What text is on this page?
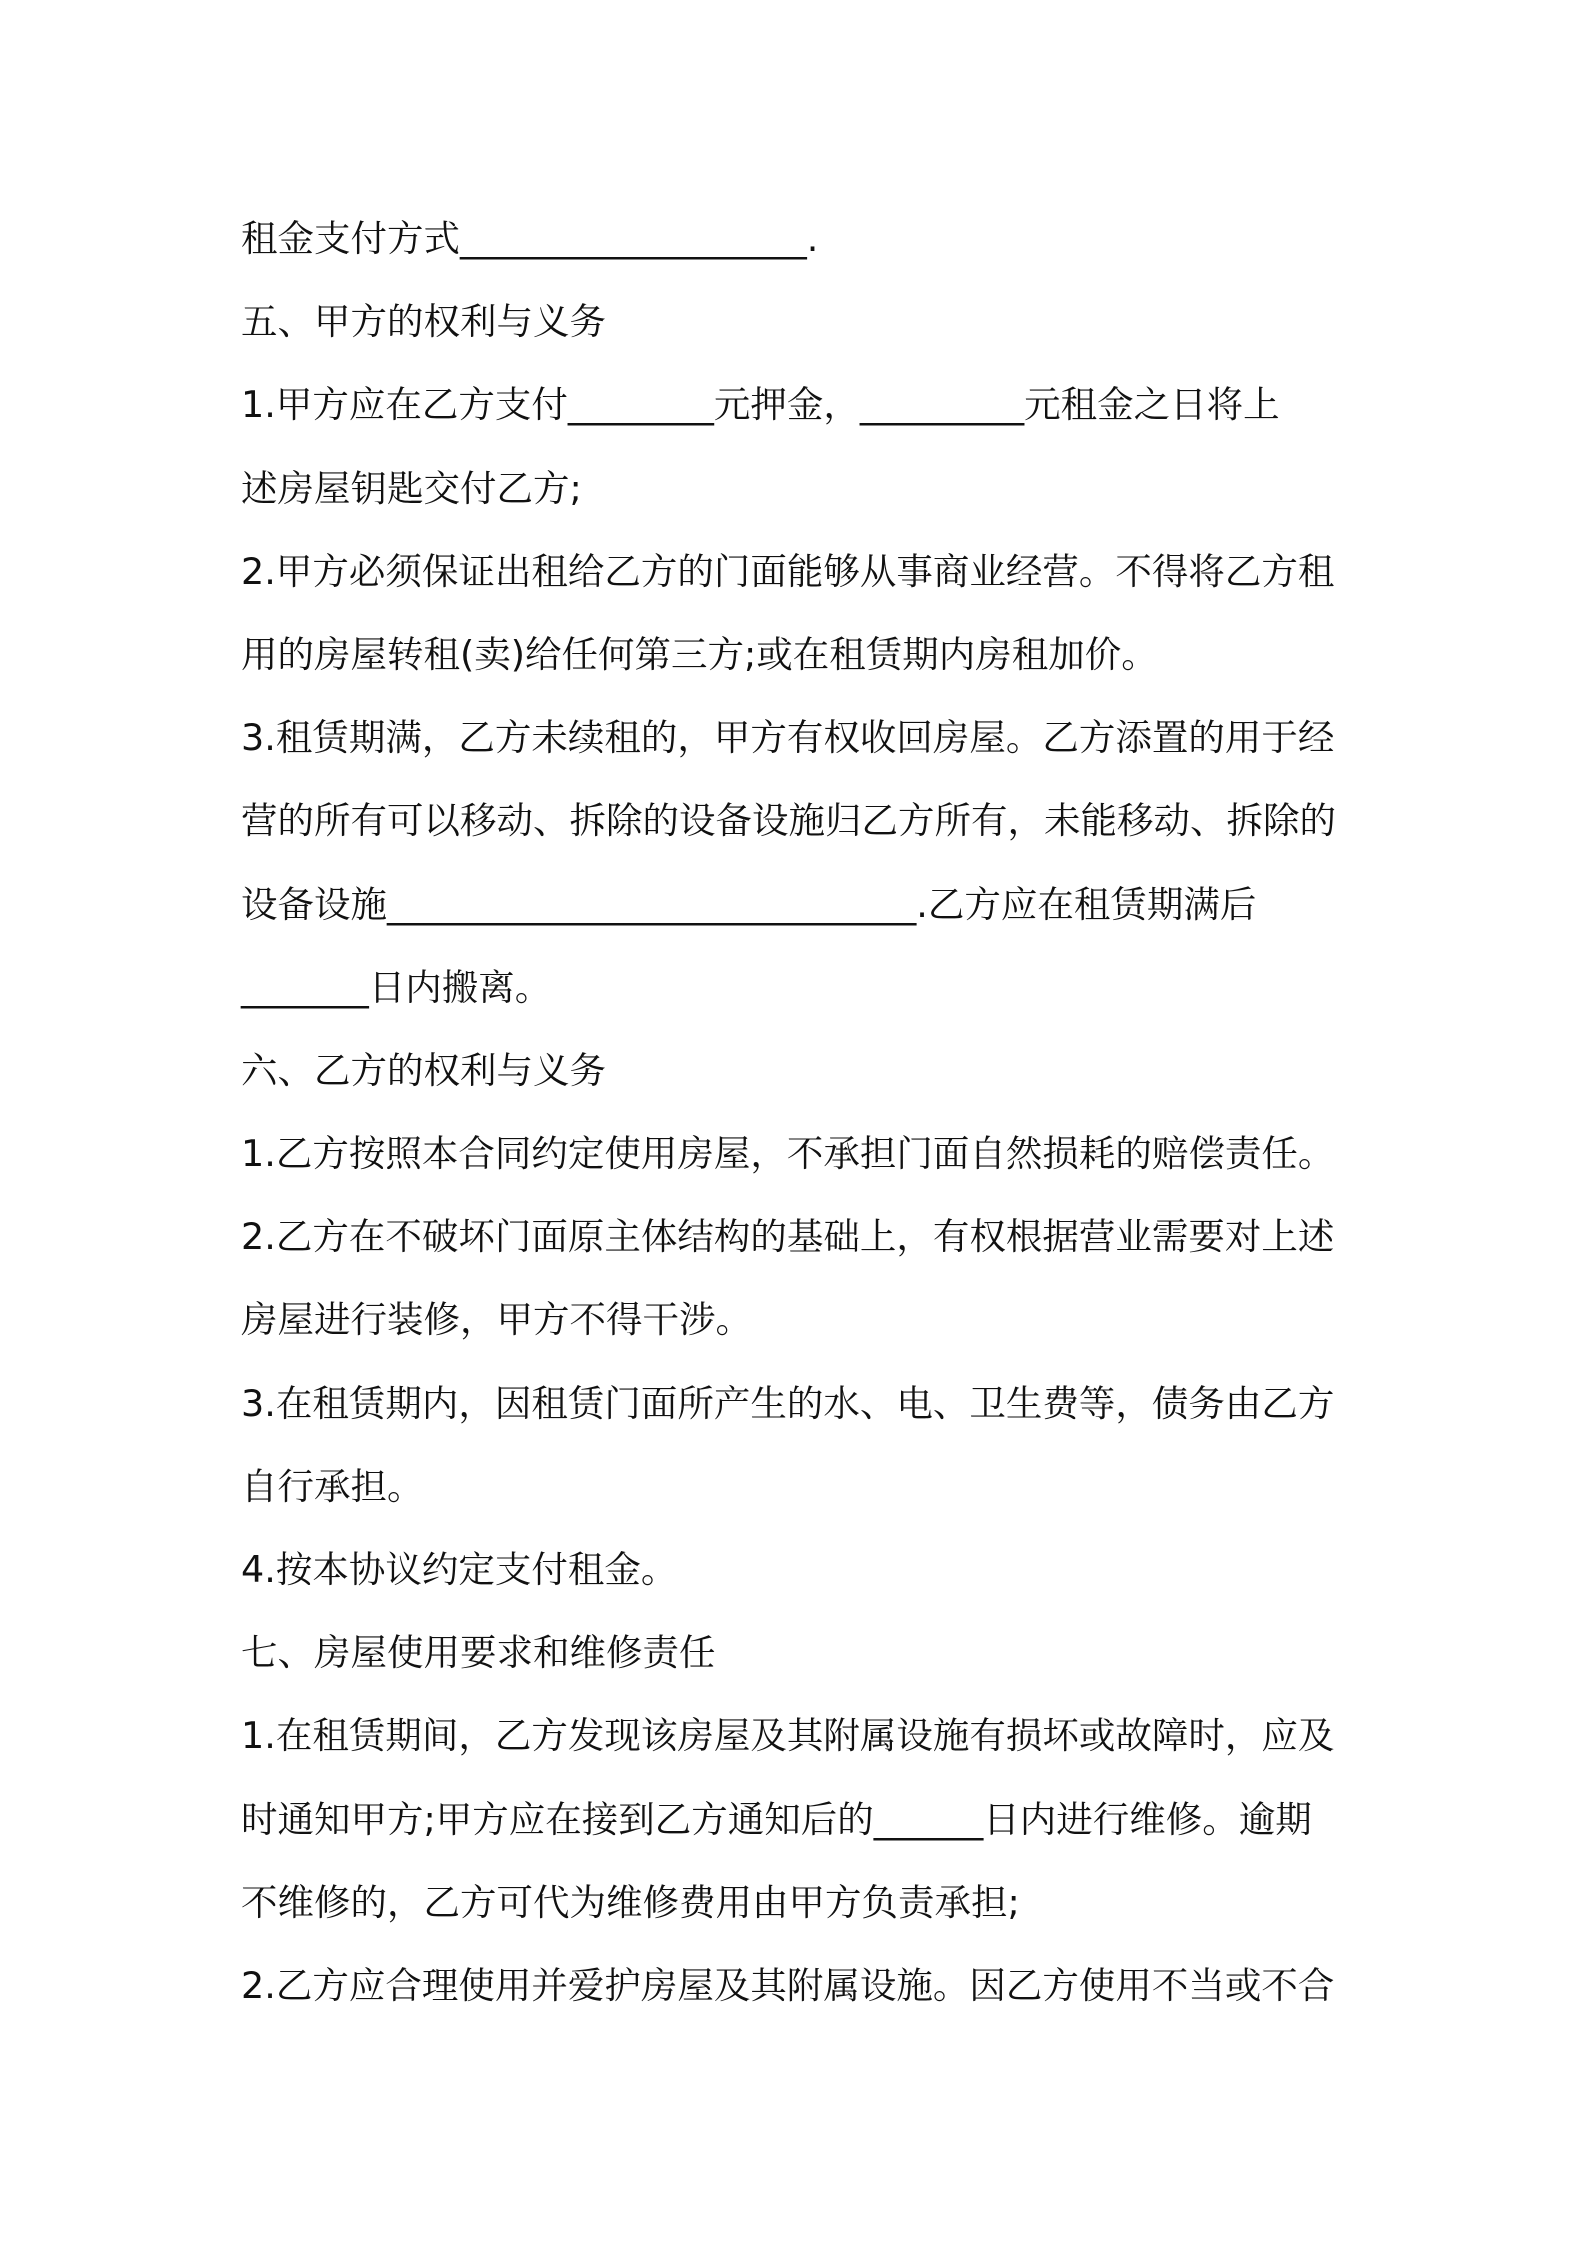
租金支付方式___________________.
五、甲方的权利与义务
1.甲方应在乙方支付________元押金，_________元租金之日将上
述房屋钥匙交付乙方;
2.甲方必须保证出租给乙方的门面能够从事商业经营。不得将乙方租
用的房屋转租(卖)给任何第三方;或在租赁期内房租加价。
3.租赁期满，乙方未续租的，甲方有权收回房屋。乙方添置的用于经
营的所有可以移动、拆除的设备设施归乙方所有，未能移动、拆除的
设备设施_____________________________.乙方应在租赁期满后
_______日内搬离。
六、乙方的权利与义务
1.乙方按照本合同约定使用房屋，不承担门面自然损耗的赔偿责任。
2.乙方在不破坏门面原主体结构的基础上，有权根据营业需要对上述
房屋进行装修，甲方不得干涉。
3.在租赁期内，因租赁门面所产生的水、电、卫生费等，债务由乙方
自行承担。
4.按本协议约定支付租金。
七、房屋使用要求和维修责任
1.在租赁期间，乙方发现该房屋及其附属设施有损坏或故障时，应及
时通知甲方;甲方应在接到乙方通知后的______日内进行维修。逾期
不维修的，乙方可代为维修费用由甲方负责承担;
2.乙方应合理使用并爱护房屋及其附属设施。因乙方使用不当或不合
